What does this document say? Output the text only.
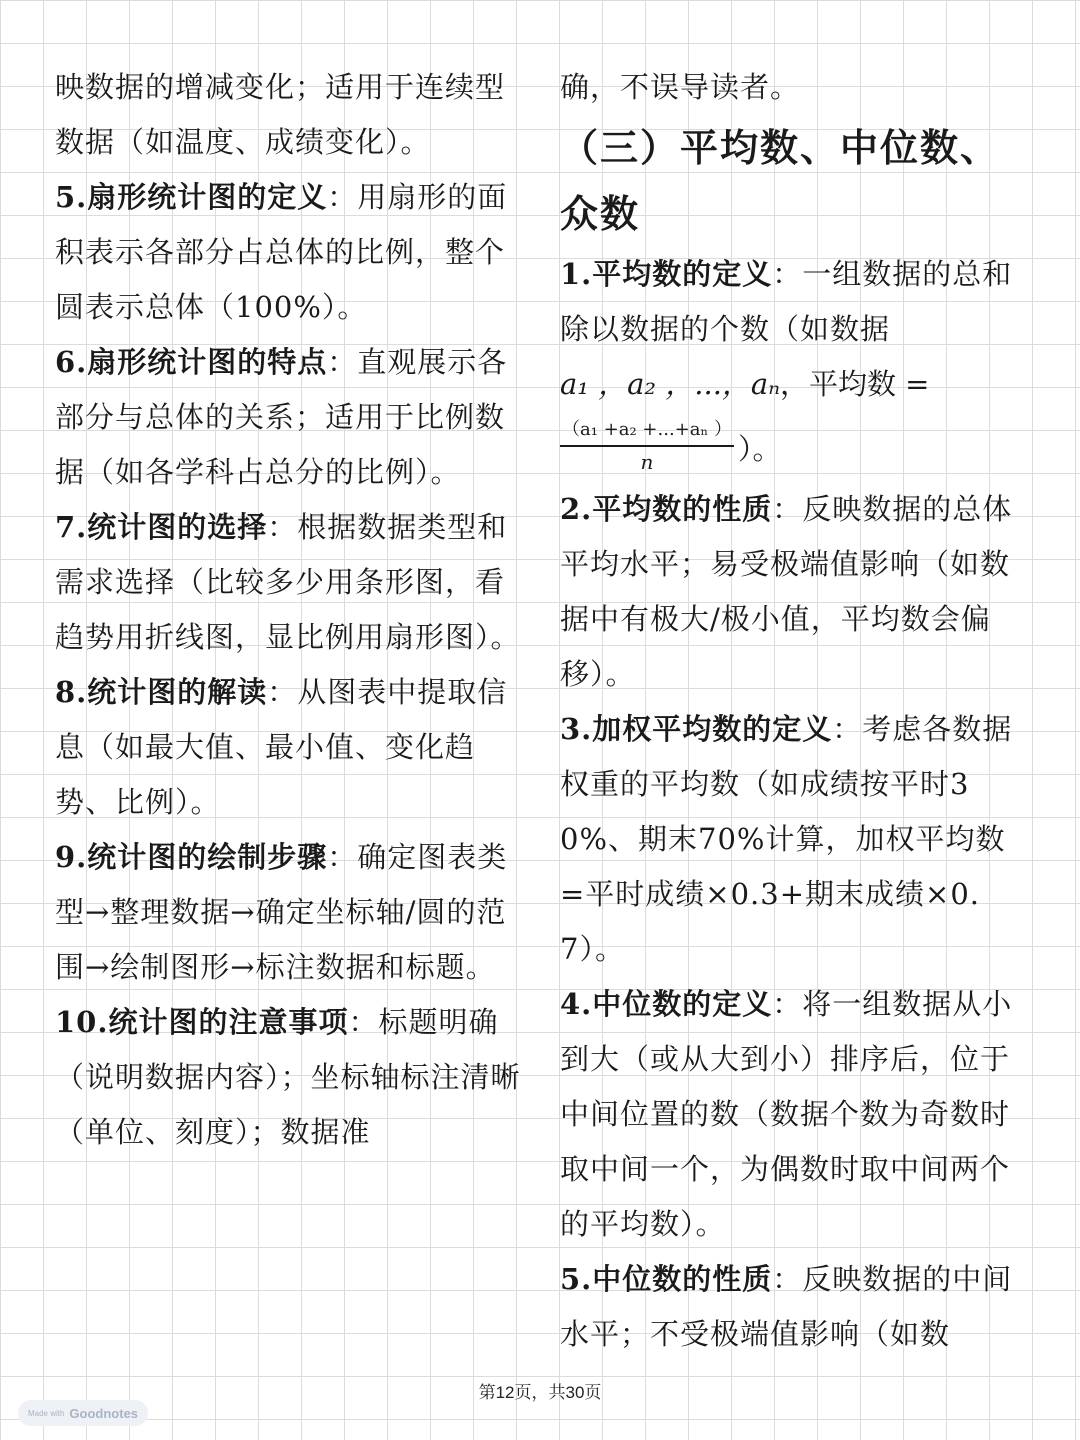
映数据的增减变化；适用于连续型数据（如温度、成绩变化）。

5.扇形统计图的定义：用扇形的面积表示各部分占总体的比例，整个圆表示总体（100%）。

6.扇形统计图的特点：直观展示各部分与总体的关系；适用于比例数据（如各学科占总分的比例）。

7.统计图的选择：根据数据类型和需求选择（比较多少用条形图，看趋势用折线图，显比例用扇形图）。

8.统计图的解读：从图表中提取信息（如最大值、最小值、变化趋势、比例）。

9.统计图的绘制步骤：确定图表类型→整理数据→确定坐标轴/圆的范围→绘制图形→标注数据和标题。

10.统计图的注意事项：标题明确（说明数据内容）；坐标轴标注清晰（单位、刻度）；数据准

确，不误导读者。

（三）平均数、中位数、众数

1.平均数的定义：一组数据的总和除以数据的个数（如数据

a₁ ，a₂ ，...，aₙ，平均数 =

$\frac{\text{（a₁ +a₂ +...+aₙ ）}}{n}$ ）。

2.平均数的性质：反映数据的总体平均水平；易受极端值影响（如数据中有极大/极小值，平均数会偏移）。

3.加权平均数的定义：考虑各数据权重的平均数（如成绩按平时30%、期末70%计算，加权平均数=平时成绩×0.3+期末成绩×0.7）。

4.中位数的定义：将一组数据从小到大（或从大到小）排序后，位于中间位置的数（数据个数为奇数时取中间一个，为偶数时取中间两个的平均数）。

5.中位数的性质：反映数据的中间水平；不受极端值影响（如数

第12页，共30页
Made with Goodnotes
